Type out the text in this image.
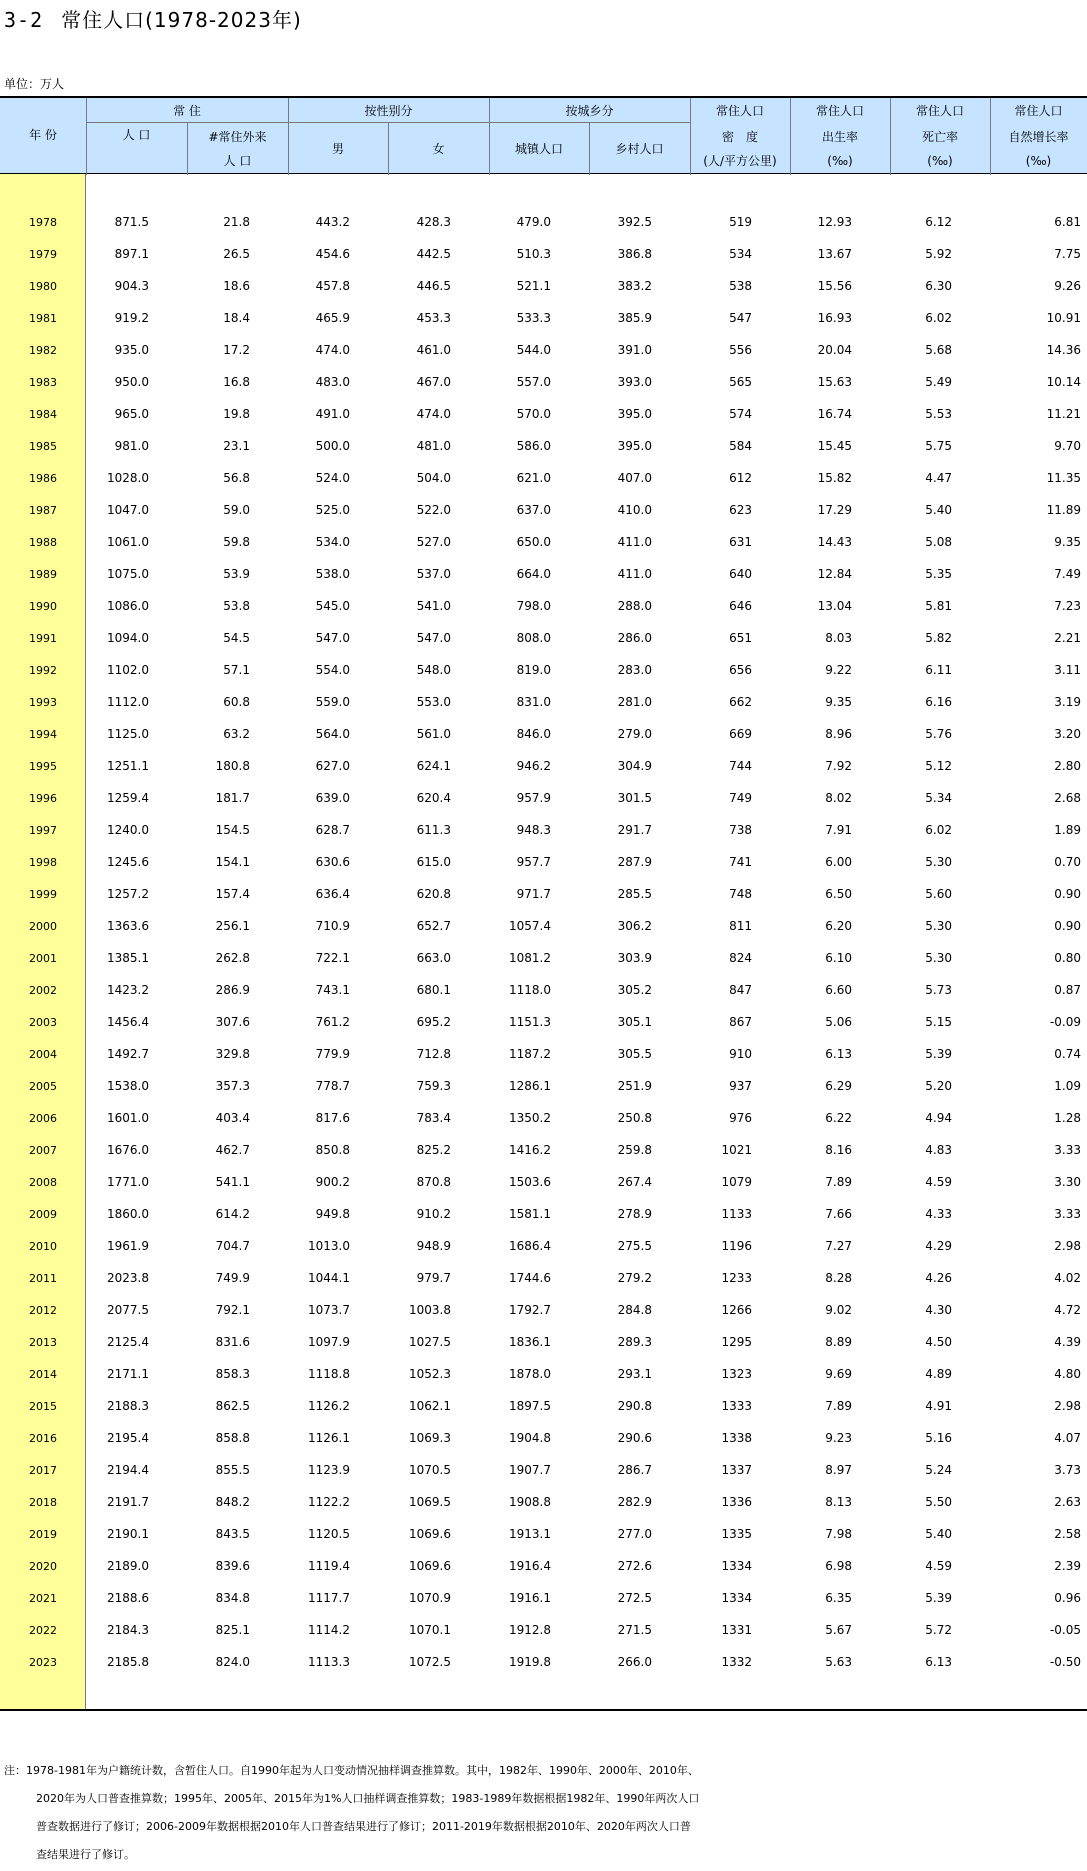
3-2 常住人口(1978-2023年)
单位：万人
年 份
常 住
人 口	#常住外来
人 口
按性别分
男	女
按城乡分
城镇人口	乡村人口
常住人口
密　度
(人/平方公里)
常住人口
出生率
(‰)
常住人口
死亡率
(‰)
常住人口
自然增长率
(‰)
1978	871.5	21.8	443.2	428.3	479.0	392.5	519	12.93	6.12	6.81
1979	897.1	26.5	454.6	442.5	510.3	386.8	534	13.67	5.92	7.75
1980	904.3	18.6	457.8	446.5	521.1	383.2	538	15.56	6.30	9.26
1981	919.2	18.4	465.9	453.3	533.3	385.9	547	16.93	6.02	10.91
1982	935.0	17.2	474.0	461.0	544.0	391.0	556	20.04	5.68	14.36
1983	950.0	16.8	483.0	467.0	557.0	393.0	565	15.63	5.49	10.14
1984	965.0	19.8	491.0	474.0	570.0	395.0	574	16.74	5.53	11.21
1985	981.0	23.1	500.0	481.0	586.0	395.0	584	15.45	5.75	9.70
1986	1028.0	56.8	524.0	504.0	621.0	407.0	612	15.82	4.47	11.35
1987	1047.0	59.0	525.0	522.0	637.0	410.0	623	17.29	5.40	11.89
1988	1061.0	59.8	534.0	527.0	650.0	411.0	631	14.43	5.08	9.35
1989	1075.0	53.9	538.0	537.0	664.0	411.0	640	12.84	5.35	7.49
1990	1086.0	53.8	545.0	541.0	798.0	288.0	646	13.04	5.81	7.23
1991	1094.0	54.5	547.0	547.0	808.0	286.0	651	8.03	5.82	2.21
1992	1102.0	57.1	554.0	548.0	819.0	283.0	656	9.22	6.11	3.11
1993	1112.0	60.8	559.0	553.0	831.0	281.0	662	9.35	6.16	3.19
1994	1125.0	63.2	564.0	561.0	846.0	279.0	669	8.96	5.76	3.20
1995	1251.1	180.8	627.0	624.1	946.2	304.9	744	7.92	5.12	2.80
1996	1259.4	181.7	639.0	620.4	957.9	301.5	749	8.02	5.34	2.68
1997	1240.0	154.5	628.7	611.3	948.3	291.7	738	7.91	6.02	1.89
1998	1245.6	154.1	630.6	615.0	957.7	287.9	741	6.00	5.30	0.70
1999	1257.2	157.4	636.4	620.8	971.7	285.5	748	6.50	5.60	0.90
2000	1363.6	256.1	710.9	652.7	1057.4	306.2	811	6.20	5.30	0.90
2001	1385.1	262.8	722.1	663.0	1081.2	303.9	824	6.10	5.30	0.80
2002	1423.2	286.9	743.1	680.1	1118.0	305.2	847	6.60	5.73	0.87
2003	1456.4	307.6	761.2	695.2	1151.3	305.1	867	5.06	5.15	-0.09
2004	1492.7	329.8	779.9	712.8	1187.2	305.5	910	6.13	5.39	0.74
2005	1538.0	357.3	778.7	759.3	1286.1	251.9	937	6.29	5.20	1.09
2006	1601.0	403.4	817.6	783.4	1350.2	250.8	976	6.22	4.94	1.28
2007	1676.0	462.7	850.8	825.2	1416.2	259.8	1021	8.16	4.83	3.33
2008	1771.0	541.1	900.2	870.8	1503.6	267.4	1079	7.89	4.59	3.30
2009	1860.0	614.2	949.8	910.2	1581.1	278.9	1133	7.66	4.33	3.33
2010	1961.9	704.7	1013.0	948.9	1686.4	275.5	1196	7.27	4.29	2.98
2011	2023.8	749.9	1044.1	979.7	1744.6	279.2	1233	8.28	4.26	4.02
2012	2077.5	792.1	1073.7	1003.8	1792.7	284.8	1266	9.02	4.30	4.72
2013	2125.4	831.6	1097.9	1027.5	1836.1	289.3	1295	8.89	4.50	4.39
2014	2171.1	858.3	1118.8	1052.3	1878.0	293.1	1323	9.69	4.89	4.80
2015	2188.3	862.5	1126.2	1062.1	1897.5	290.8	1333	7.89	4.91	2.98
2016	2195.4	858.8	1126.1	1069.3	1904.8	290.6	1338	9.23	5.16	4.07
2017	2194.4	855.5	1123.9	1070.5	1907.7	286.7	1337	8.97	5.24	3.73
2018	2191.7	848.2	1122.2	1069.5	1908.8	282.9	1336	8.13	5.50	2.63
2019	2190.1	843.5	1120.5	1069.6	1913.1	277.0	1335	7.98	5.40	2.58
2020	2189.0	839.6	1119.4	1069.6	1916.4	272.6	1334	6.98	4.59	2.39
2021	2188.6	834.8	1117.7	1070.9	1916.1	272.5	1334	6.35	5.39	0.96
2022	2184.3	825.1	1114.2	1070.1	1912.8	271.5	1331	5.67	5.72	-0.05
2023	2185.8	824.0	1113.3	1072.5	1919.8	266.0	1332	5.63	6.13	-0.50
注：1978-1981年为户籍统计数，含暂住人口。自1990年起为人口变动情况抽样调查推算数。其中，1982年、1990年、2000年、2010年、
2020年为人口普查推算数；1995年、2005年、2015年为1%人口抽样调查推算数；1983-1989年数据根据1982年、1990年两次人口
普查数据进行了修订；2006-2009年数据根据2010年人口普查结果进行了修订；2011-2019年数据根据2010年、2020年两次人口普
查结果进行了修订。
